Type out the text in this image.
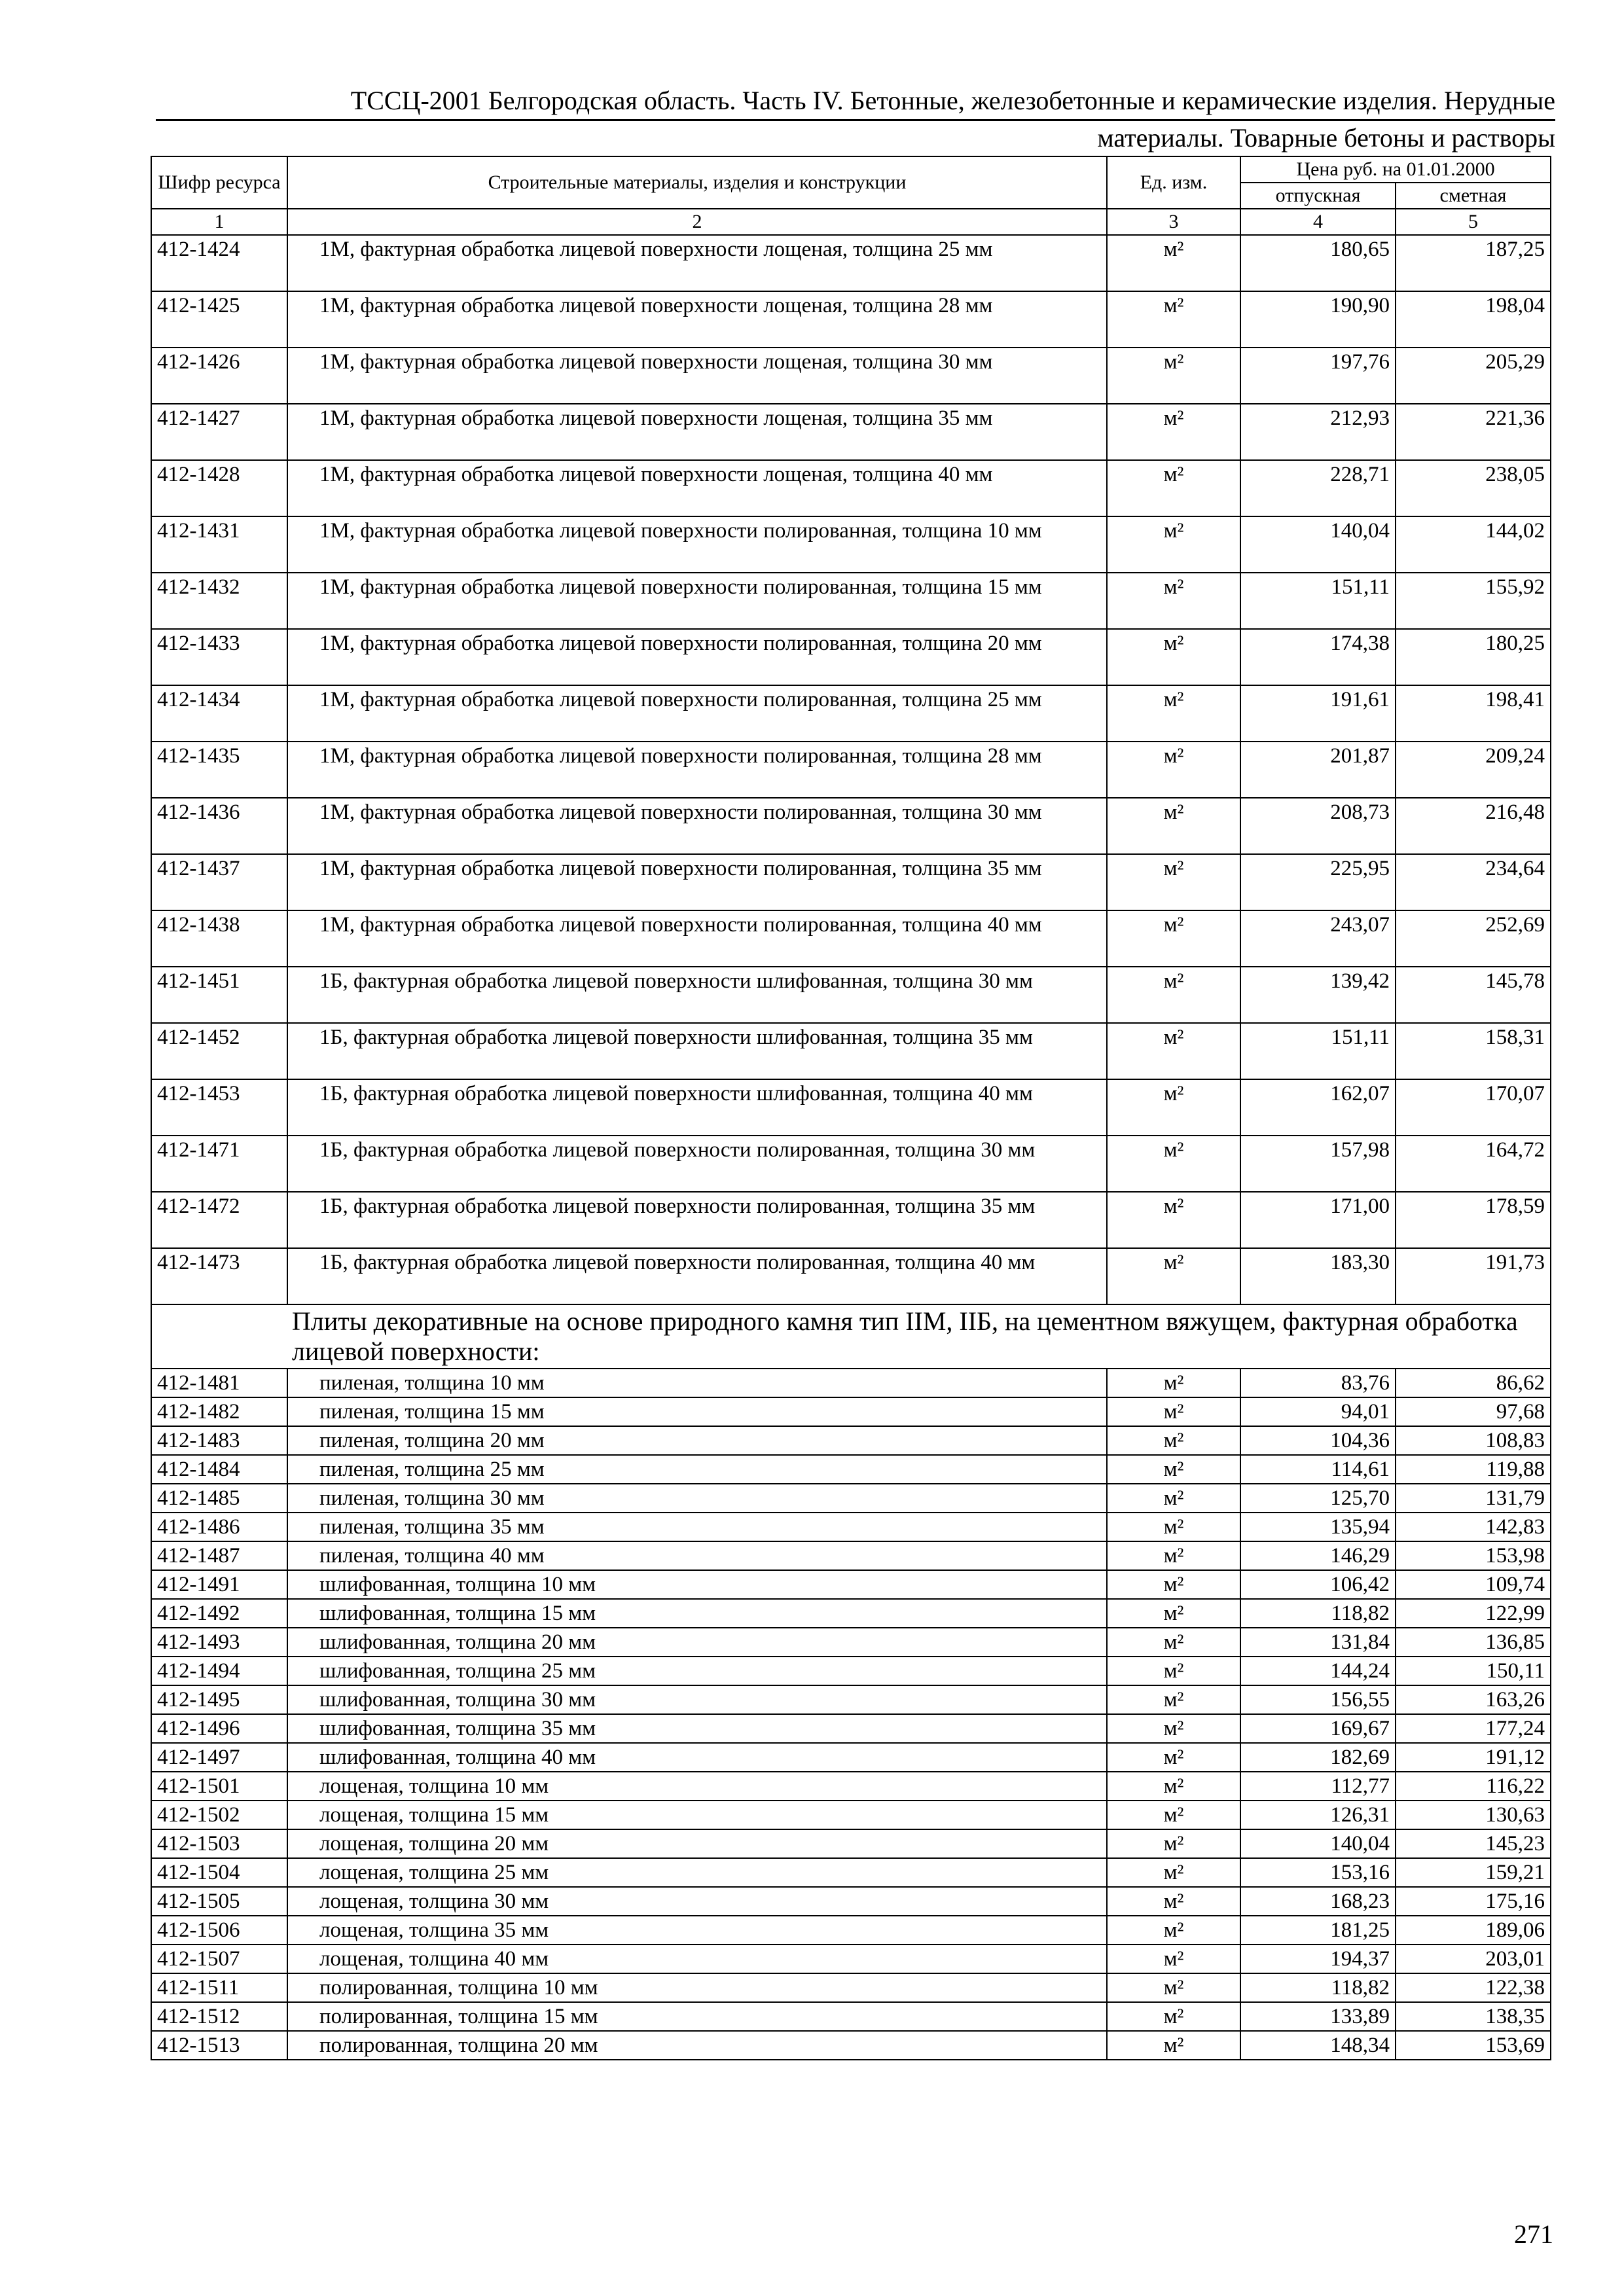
ТССЦ-2001 Белгородская область. Часть IV. Бетонные, железобетонные и керамические изделия. Нерудные
материалы. Товарные бетоны и растворы
Шифр ресурса	Строительные материалы, изделия и конструкции	Ед. изм.	Цена руб. на 01.01.2000	
			отпускная	сметная
1	2	3	4	5
412-1424	1М, фактурная обработка лицевой поверхности лощеная, толщина 25 мм	м²	180,65	187,25
412-1425	1М, фактурная обработка лицевой поверхности лощеная, толщина 28 мм	м²	190,90	198,04
412-1426	1М, фактурная обработка лицевой поверхности лощеная, толщина 30 мм	м²	197,76	205,29
412-1427	1М, фактурная обработка лицевой поверхности лощеная, толщина 35 мм	м²	212,93	221,36
412-1428	1М, фактурная обработка лицевой поверхности лощеная, толщина 40 мм	м²	228,71	238,05
412-1431	1М, фактурная обработка лицевой поверхности полированная, толщина 10 мм	м²	140,04	144,02
412-1432	1М, фактурная обработка лицевой поверхности полированная, толщина 15 мм	м²	151,11	155,92
412-1433	1М, фактурная обработка лицевой поверхности полированная, толщина 20 мм	м²	174,38	180,25
412-1434	1М, фактурная обработка лицевой поверхности полированная, толщина 25 мм	м²	191,61	198,41
412-1435	1М, фактурная обработка лицевой поверхности полированная, толщина 28 мм	м²	201,87	209,24
412-1436	1М, фактурная обработка лицевой поверхности полированная, толщина 30 мм	м²	208,73	216,48
412-1437	1М, фактурная обработка лицевой поверхности полированная, толщина 35 мм	м²	225,95	234,64
412-1438	1М, фактурная обработка лицевой поверхности полированная, толщина 40 мм	м²	243,07	252,69
412-1451	1Б, фактурная обработка лицевой поверхности шлифованная, толщина 30 мм	м²	139,42	145,78
412-1452	1Б, фактурная обработка лицевой поверхности шлифованная, толщина 35 мм	м²	151,11	158,31
412-1453	1Б, фактурная обработка лицевой поверхности шлифованная, толщина 40 мм	м²	162,07	170,07
412-1471	1Б, фактурная обработка лицевой поверхности полированная, толщина 30 мм	м²	157,98	164,72
412-1472	1Б, фактурная обработка лицевой поверхности полированная, толщина 35 мм	м²	171,00	178,59
412-1473	1Б, фактурная обработка лицевой поверхности полированная, толщина 40 мм	м²	183,30	191,73
Плиты декоративные на основе природного камня тип IIМ, IIБ, на цементном вяжущем, фактурная обработка лицевой поверхности:				
412-1481	пиленая, толщина 10 мм	м²	83,76	86,62
412-1482	пиленая, толщина 15 мм	м²	94,01	97,68
412-1483	пиленая, толщина 20 мм	м²	104,36	108,83
412-1484	пиленая, толщина 25 мм	м²	114,61	119,88
412-1485	пиленая, толщина 30 мм	м²	125,70	131,79
412-1486	пиленая, толщина 35 мм	м²	135,94	142,83
412-1487	пиленая, толщина 40 мм	м²	146,29	153,98
412-1491	шлифованная, толщина 10 мм	м²	106,42	109,74
412-1492	шлифованная, толщина 15 мм	м²	118,82	122,99
412-1493	шлифованная, толщина 20 мм	м²	131,84	136,85
412-1494	шлифованная, толщина 25 мм	м²	144,24	150,11
412-1495	шлифованная, толщина 30 мм	м²	156,55	163,26
412-1496	шлифованная, толщина 35 мм	м²	169,67	177,24
412-1497	шлифованная, толщина 40 мм	м²	182,69	191,12
412-1501	лощеная, толщина 10 мм	м²	112,77	116,22
412-1502	лощеная, толщина 15 мм	м²	126,31	130,63
412-1503	лощеная, толщина 20 мм	м²	140,04	145,23
412-1504	лощеная, толщина 25 мм	м²	153,16	159,21
412-1505	лощеная, толщина 30 мм	м²	168,23	175,16
412-1506	лощеная, толщина 35 мм	м²	181,25	189,06
412-1507	лощеная, толщина 40 мм	м²	194,37	203,01
412-1511	полированная, толщина 10 мм	м²	118,82	122,38
412-1512	полированная, толщина 15 мм	м²	133,89	138,35
412-1513	полированная, толщина 20 мм	м²	148,34	153,69
271
